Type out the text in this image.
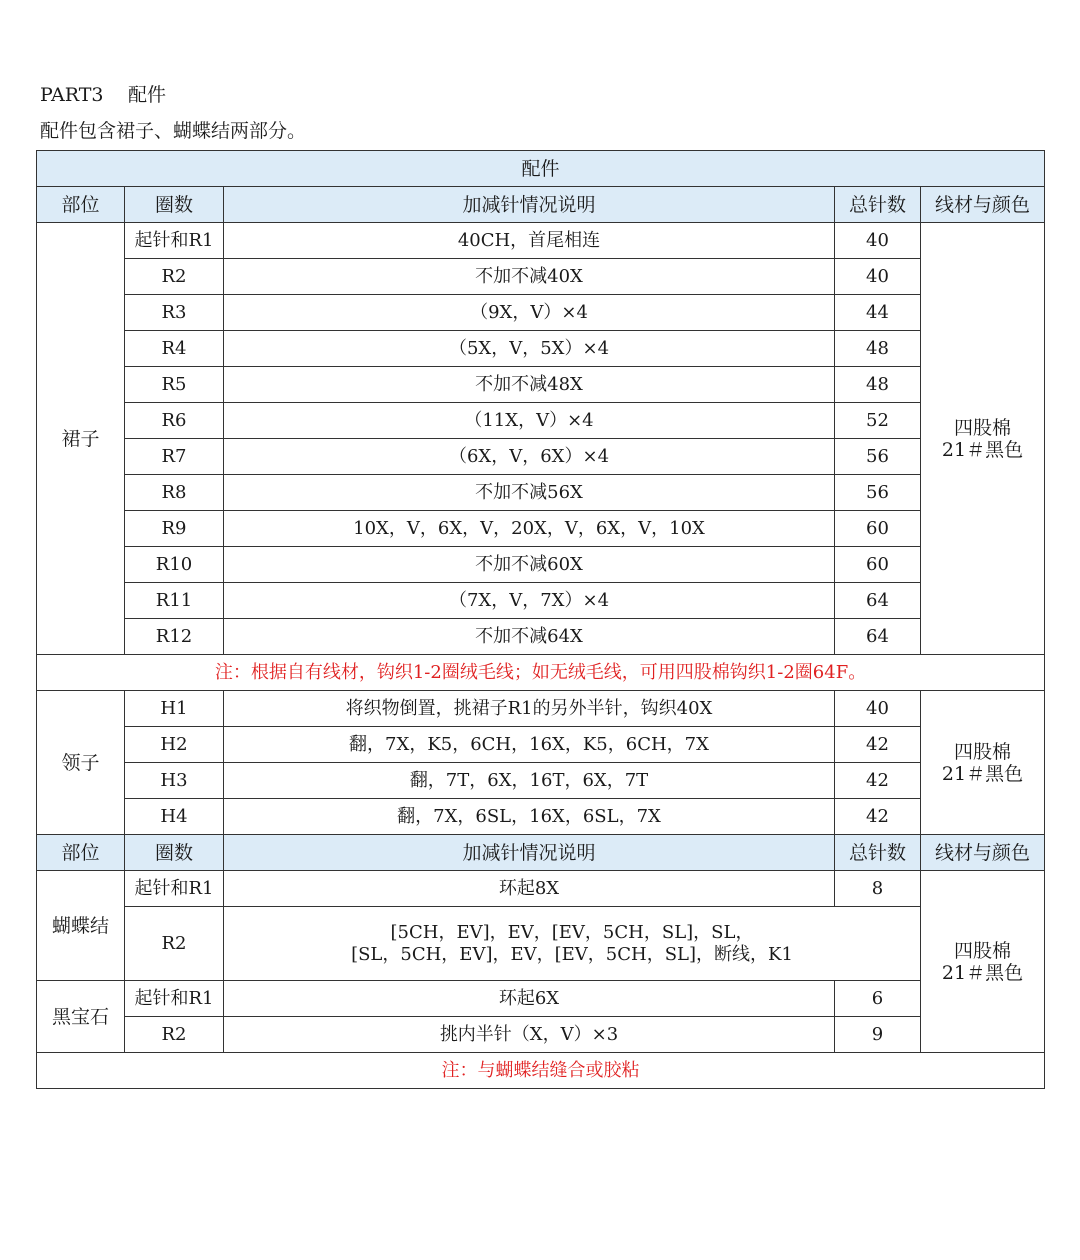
PART3 配件
配件包含裙子、蝴蝶结两部分。
配件				
部位	圈数	加减针情况说明	总针数	线材与颜色
裙子	起针和R1	40CH，首尾相连	40	四股棉
21＃黑色

	R2	不加不减40X	40	
	R3	（9X，V）×4	44	
	R4	（5X，V，5X）×4	48	
	R5	不加不减48X	48	
	R6	（11X，V）×4	52	
	R7	（6X，V，6X）×4	56	
	R8	不加不减56X	56	
	R9	10X，V，6X，V，20X，V，6X，V，10X	60	
	R10	不加不减60X	60	
	R11	（7X，V，7X）×4	64	
	R12	不加不减64X	64	
注：根据自有线材，钩织1-2圈绒毛线；如无绒毛线，可用四股棉钩织1-2圈64F。				
领子	H1	将织物倒置，挑裙子R1的另外半针，钩织40X	40	四股棉
21＃黑色

	H2	翻，7X，K5，6CH，16X，K5，6CH，7X	42	
	H3	翻，7T，6X，16T，6X，7T	42	
	H4	翻，7X，6SL，16X，6SL，7X	42	
部位	圈数	加减针情况说明	总针数	线材与颜色
蝴蝶结	起针和R1	环起8X	8	四股棉
21＃黑色

	R2	[5CH，EV]，EV，[EV，5CH，SL]，SL，
[SL，5CH，EV]，EV，[EV，5CH，SL]，断线，K1		

黑宝石	起针和R1	环起6X	6	
	R2	挑内半针（X，V）×3	9	
注：与蝴蝶结缝合或胶粘				
